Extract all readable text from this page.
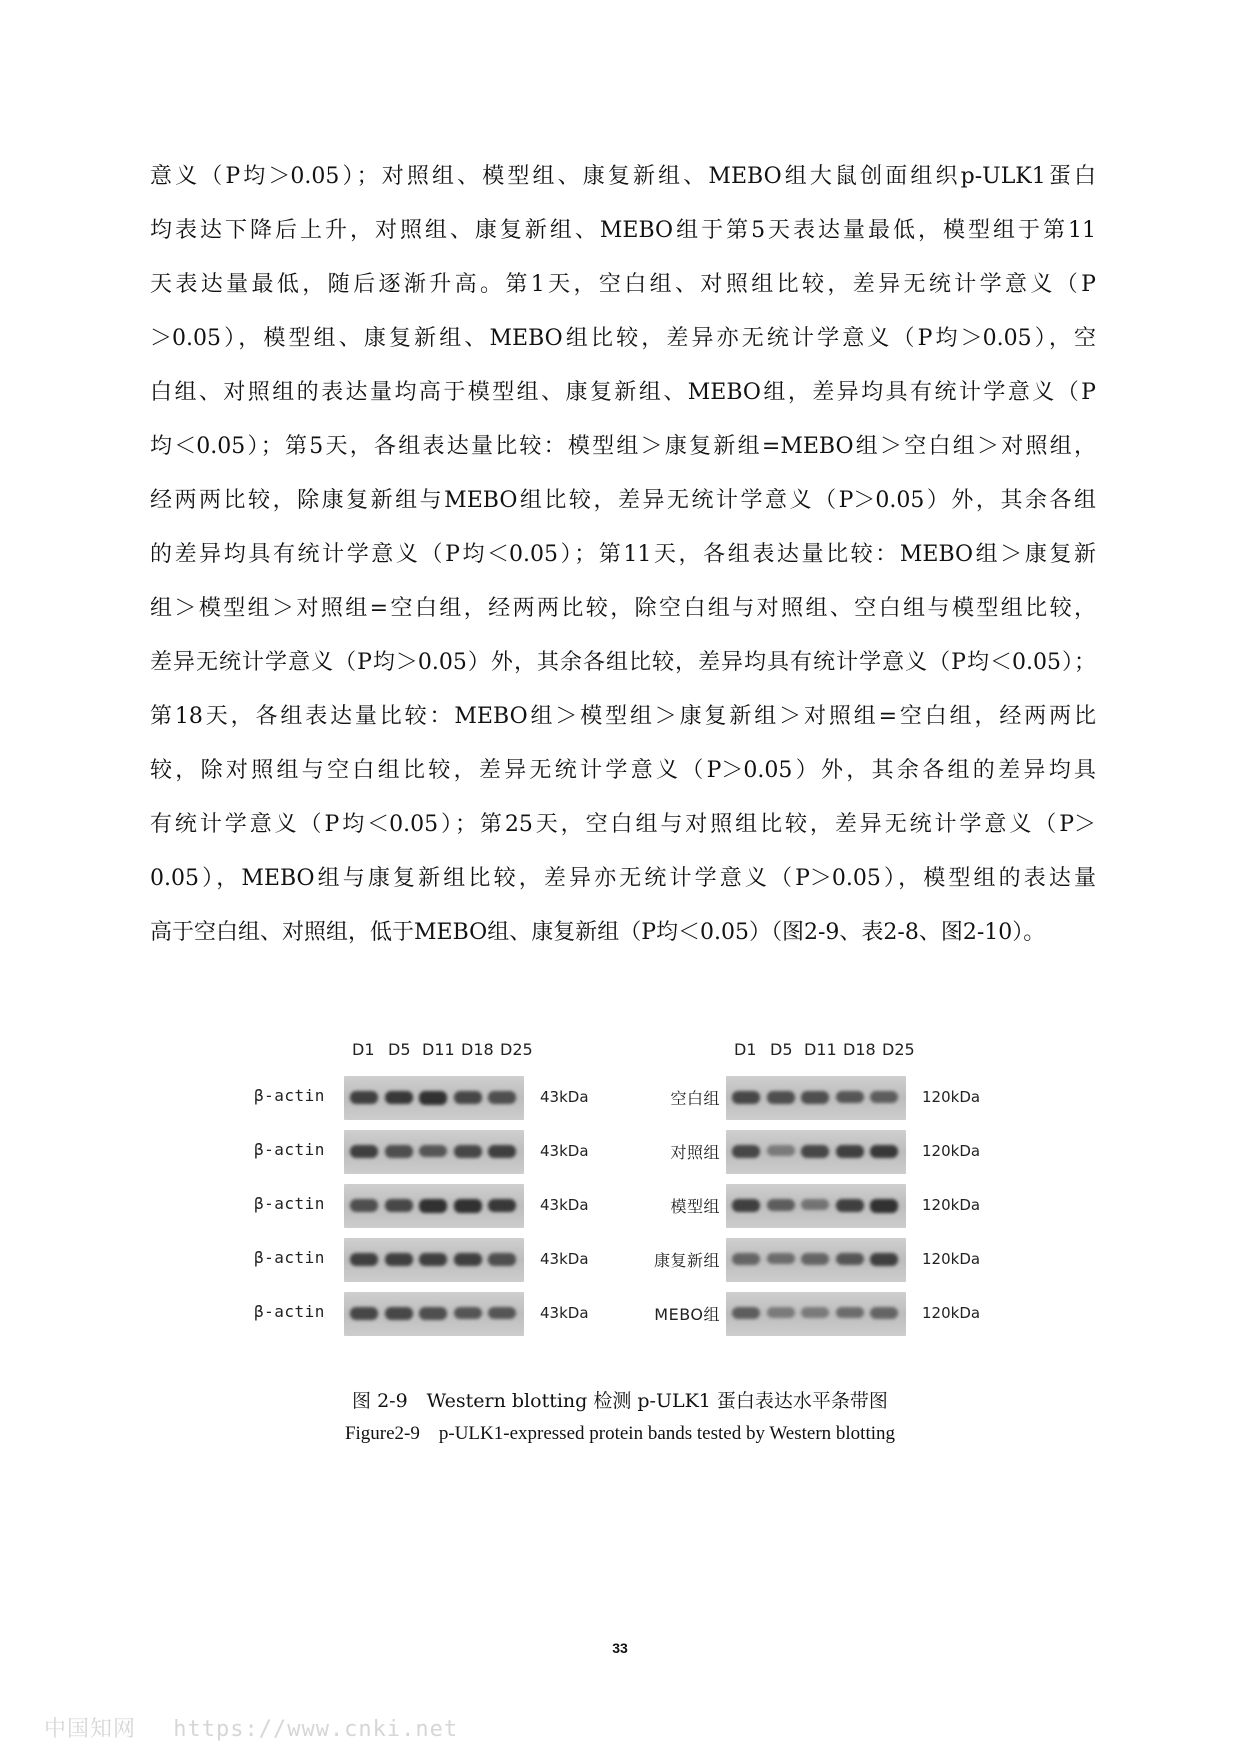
意义（P均＞0.05）；对照组、模型组、康复新组、MEBO组大鼠创面组织p-ULK1蛋白
均表达下降后上升，对照组、康复新组、MEBO组于第5天表达量最低，模型组于第11
天表达量最低，随后逐渐升高。第1天，空白组、对照组比较，差异无统计学意义（P
＞0.05），模型组、康复新组、MEBO组比较，差异亦无统计学意义（P均＞0.05），空
白组、对照组的表达量均高于模型组、康复新组、MEBO组，差异均具有统计学意义（P
均＜0.05）；第5天，各组表达量比较：模型组＞康复新组=MEBO组＞空白组＞对照组，
经两两比较，除康复新组与MEBO组比较，差异无统计学意义（P＞0.05）外，其余各组
的差异均具有统计学意义（P均＜0.05）；第11天，各组表达量比较：MEBO组＞康复新
组＞模型组＞对照组=空白组，经两两比较，除空白组与对照组、空白组与模型组比较，
差异无统计学意义（P均＞0.05）外，其余各组比较，差异均具有统计学意义（P均＜0.05）；
第18天，各组表达量比较：MEBO组＞模型组＞康复新组＞对照组=空白组，经两两比
较，除对照组与空白组比较，差异无统计学意义（P＞0.05）外，其余各组的差异均具
有统计学意义（P均＜0.05）；第25天，空白组与对照组比较，差异无统计学意义（P＞
0.05），MEBO组与康复新组比较，差异亦无统计学意义（P＞0.05），模型组的表达量
高于空白组、对照组，低于MEBO组、康复新组（P均＜0.05）（图2-9、表2-8、图2-10）。
D1 D5 D11 D18 D25
β-actin	43kDa
β-actin	43kDa
β-actin	43kDa
β-actin	43kDa
β-actin	43kDa
D1 D5 D11 D18 D25
空白组	120kDa
对照组	120kDa
模型组	120kDa
康复新组	120kDa
MEBO组	120kDa
图 2-9　Western blotting 检测 p-ULK1 蛋白表达水平条带图
Figure2-9　p-ULK1-expressed protein bands tested by Western blotting
33
中国知网　 https://www.cnki.net
